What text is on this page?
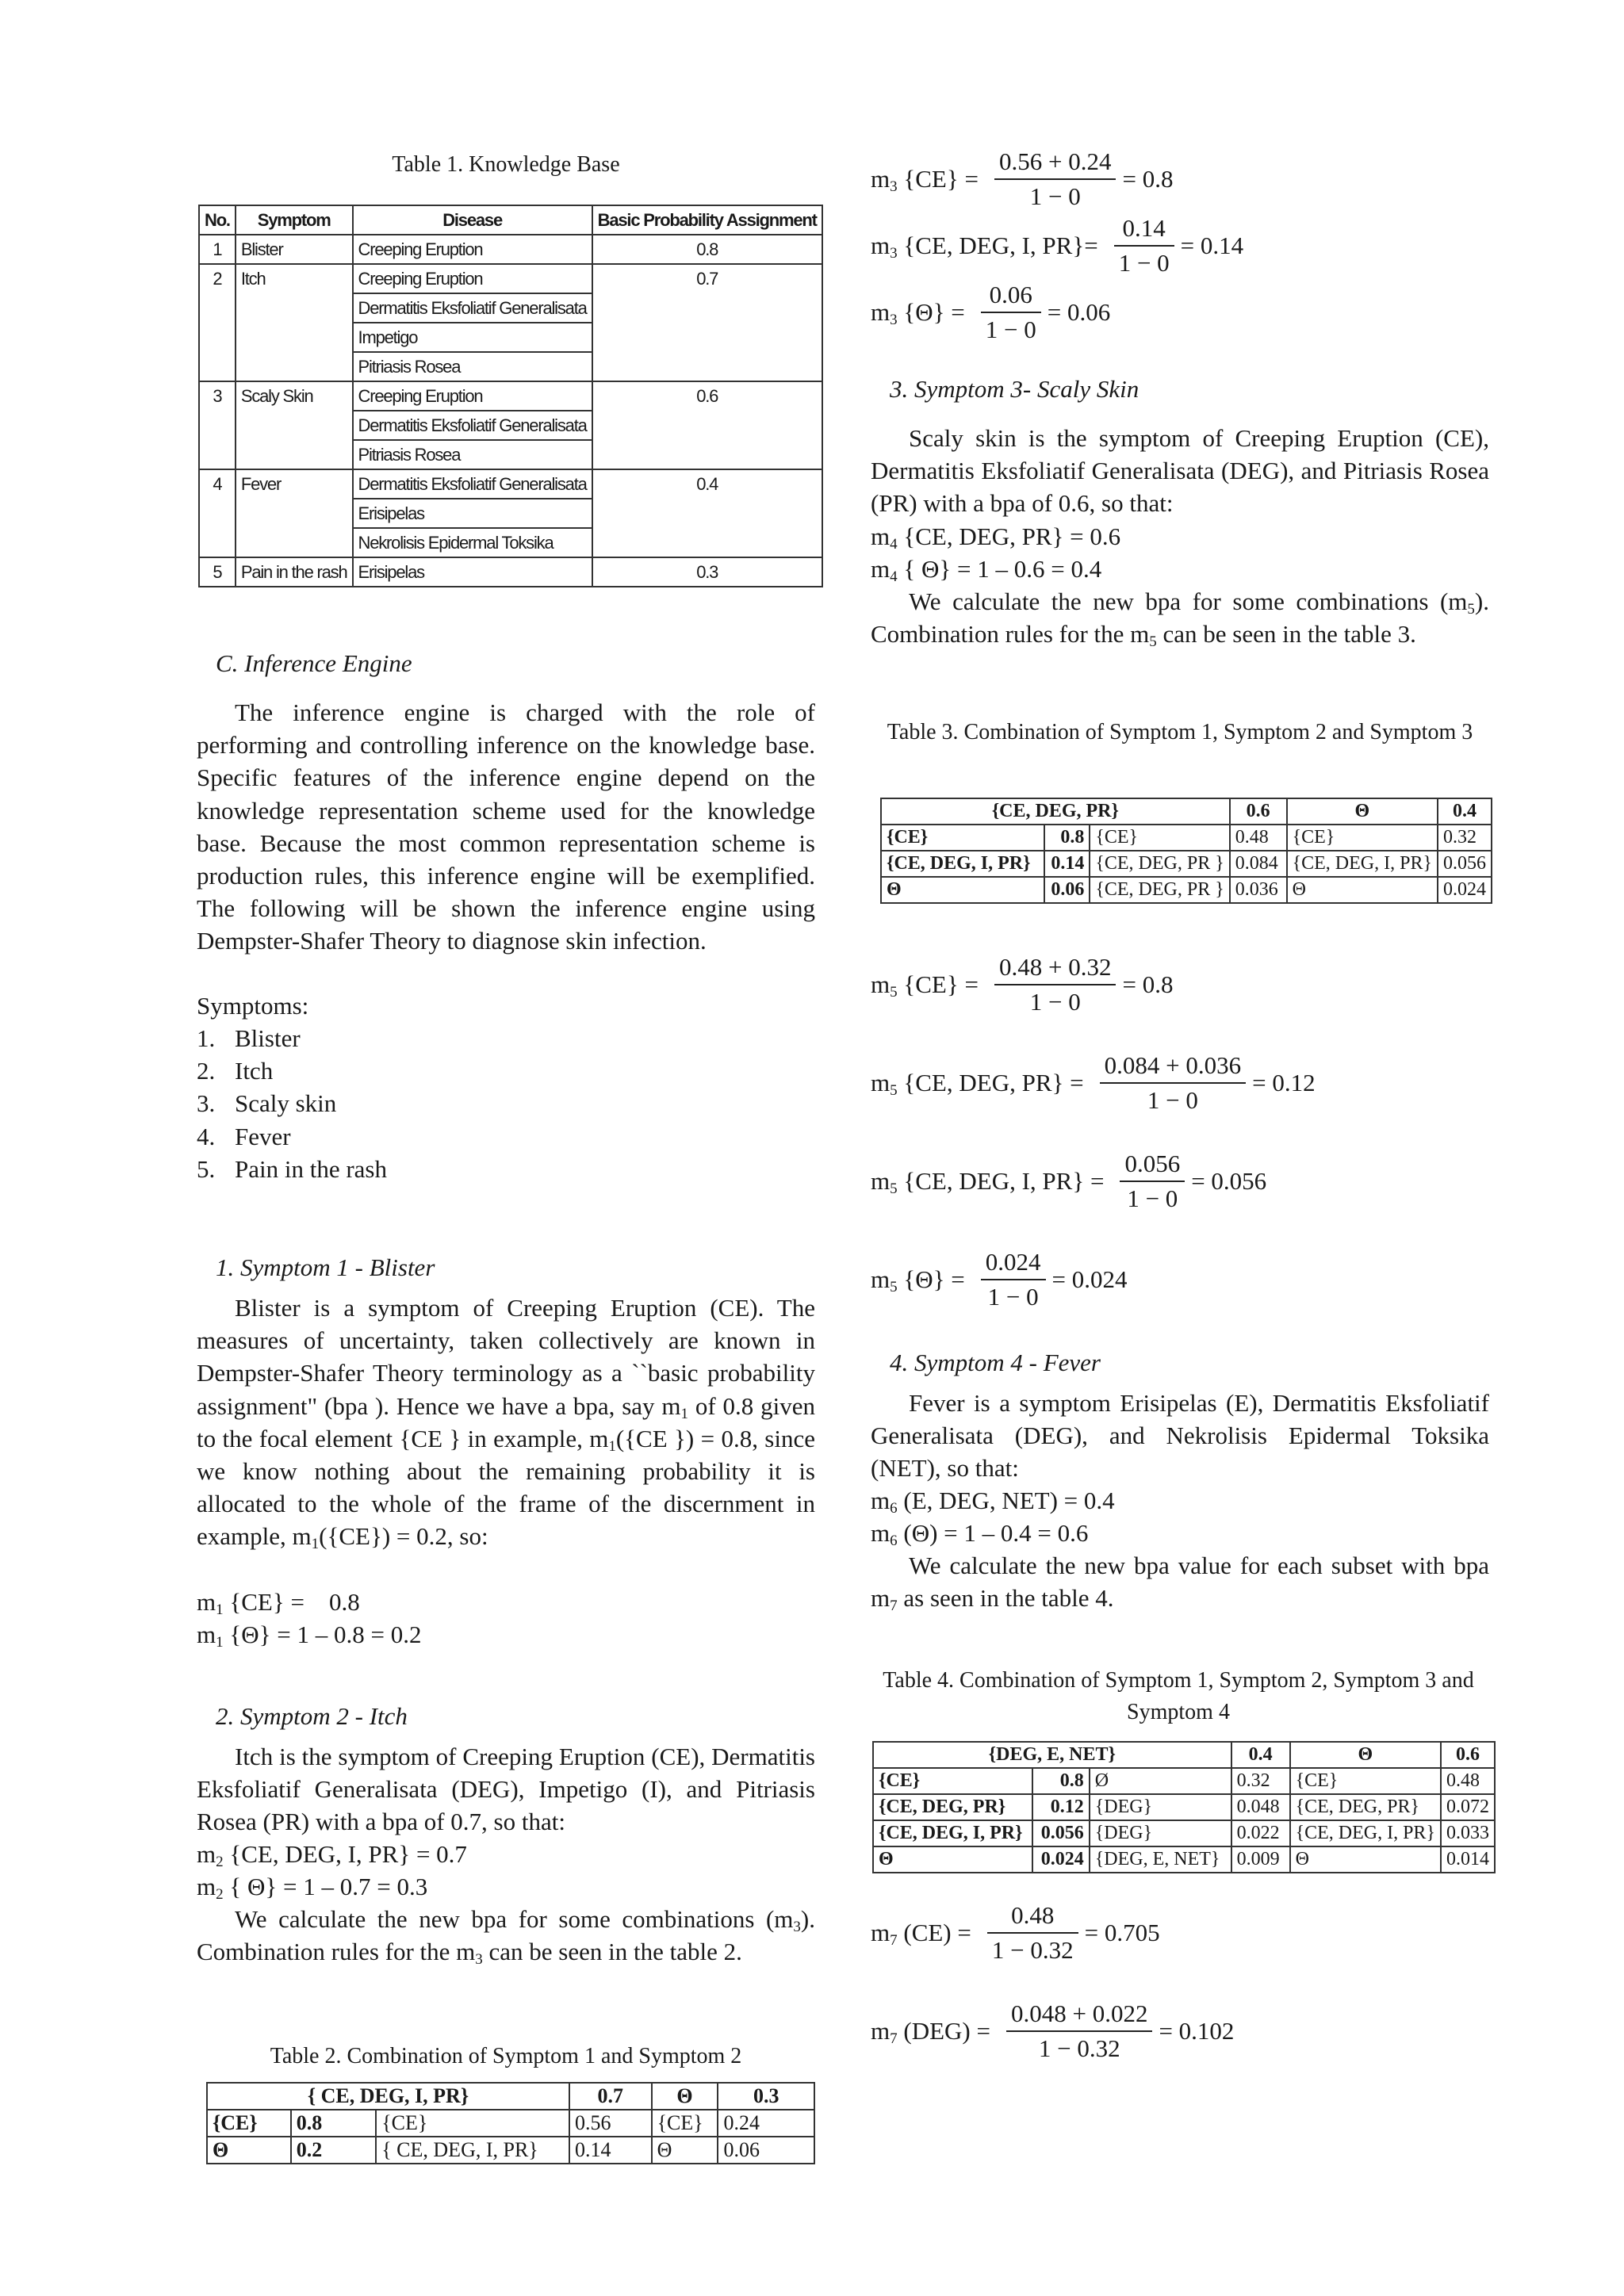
Table 1. Knowledge Base
No.	Symptom	Disease	Basic Probability Assignment
1	Blister	Creeping Eruption	0.8
2	Itch	Creeping Eruption	0.7
		Dermatitis Eksfoliatif Generalisata	
		Impetigo	
		Pitriasis Rosea	
3	Scaly Skin	Creeping Eruption	0.6
		Dermatitis Eksfoliatif Generalisata	
		Pitriasis Rosea	
4	Fever	Dermatitis Eksfoliatif Generalisata	0.4
		Erisipelas	
		Nekrolisis Epidermal Toksika	
5	Pain in the rash	Erisipelas	0.3
C. Inference Engine
The inference engine is charged with the role of performing and controlling inference on the knowledge base. Specific features of the inference engine depend on the knowledge representation scheme used for the knowledge base. Because the most common representation scheme is production rules, this inference engine will be exemplified. The following will be shown the inference engine using Dempster-Shafer Theory to diagnose skin infection.
Symptoms:
1. Blister
2. Itch
3. Scaly skin
4. Fever
5. Pain in the rash
1. Symptom 1 - Blister
Blister is a symptom of Creeping Eruption (CE). The measures of uncertainty, taken collectively are known in Dempster-Shafer Theory terminology as a ``basic probability assignment" (bpa ). Hence we have a bpa, say $m_1$ of 0.8 given to the focal element {CE } in example, $m_1(\{CE$ }) = 0.8, since we know nothing about the remaining probability it is allocated to the whole of the frame of the discernment in example, $m_1(\{CE\}) = 0.2$, so:
$m_1$ {CE} =    0.8
$m_1$ {Θ} = 1 – 0.8 = 0.2
2. Symptom 2 - Itch
Itch is the symptom of Creeping Eruption (CE), Dermatitis Eksfoliatif Generalisata (DEG), Impetigo (I), and Pitriasis Rosea (PR) with a bpa of 0.7, so that:
$m_2$ {CE, DEG, I, PR} = 0.7
$m_2$ { Θ} = 1 – 0.7 = 0.3
We calculate the new bpa for some combinations $(m_3)$. Combination rules for the $m_3$ can be seen in the table 2.
Table 2. Combination of Symptom 1 and Symptom 2
{ CE, DEG, I, PR}			0.7	Θ	0.3
{CE}	0.8	{CE}	0.56	{CE}	0.24
Θ	0.2	{ CE, DEG, I, PR}	0.14	Θ	0.06
$m_3$ $\{CE\} = \frac{0.56 + 0.24}{1 - 0} = 0.8$
$m_3$ {CE, DEG, I, $PR\}= \frac{0.14}{1 - 0} = 0.14$
$m_3$ $\{\Theta\} = \frac{0.06}{1 - 0} = 0.06$
3. Symptom 3- Scaly Skin
Scaly skin is the symptom of Creeping Eruption (CE), Dermatitis Eksfoliatif Generalisata (DEG), and Pitriasis Rosea (PR) with a bpa of 0.6, so that:
$m_4$ {CE, DEG, PR} = 0.6
$m_4$ { Θ} = 1 – 0.6 = 0.4
We calculate the new bpa for some combinations $(m_5)$. Combination rules for the $m_5$ can be seen in the table 3.
Table 3. Combination of Symptom 1, Symptom 2 and Symptom 3
{CE, DEG, PR}			0.6	Θ	0.4
{CE}	0.8	{CE}	0.48	{CE}	0.32
{CE, DEG, I, PR}	0.14	{CE, DEG, PR }	0.084	{CE, DEG, I, PR}	0.056
Θ	0.06	{CE, DEG, PR }	0.036	Θ	0.024
$m_5$ $\{CE\} = \frac{0.48 + 0.32}{1 - 0} = 0.8$
$m_5$ {CE, DEG, $PR\} = \frac{0.084 + 0.036}{1 - 0} = 0.12$
$m_5$ {CE, DEG, I, $PR\} = \frac{0.056}{1 - 0} = 0.056$
$m_5$ $\{\Theta\} = \frac{0.024}{1 - 0} = 0.024$
4. Symptom 4 - Fever
Fever is a symptom Erisipelas (E), Dermatitis Eksfoliatif Generalisata (DEG), and Nekrolisis Epidermal Toksika (NET), so that:
$m_6$ (E, DEG, NET) = 0.4
$m_6$ (Θ) = 1 – 0.4 = 0.6
We calculate the new bpa value for each subset with bpa $m_7$ as seen in the table 4.
Table 4. Combination of Symptom 1, Symptom 2, Symptom 3 and Symptom 4
{DEG, E, NET}			0.4	Θ	0.6
{CE}	0.8	Ø	0.32	{CE}	0.48
{CE, DEG, PR}	0.12	{DEG}	0.048	{CE, DEG, PR}	0.072
{CE, DEG, I, PR}	0.056	{DEG}	0.022	{CE, DEG, I, PR}	0.033
Θ	0.024	{DEG, E, NET}	0.009	Θ	0.014
$m_7$ $(CE) = \frac{0.48}{1 - 0.32} = 0.705$
$m_7$ $(DEG) = \frac{0.048 + 0.022}{1 - 0.32} = 0.102$
